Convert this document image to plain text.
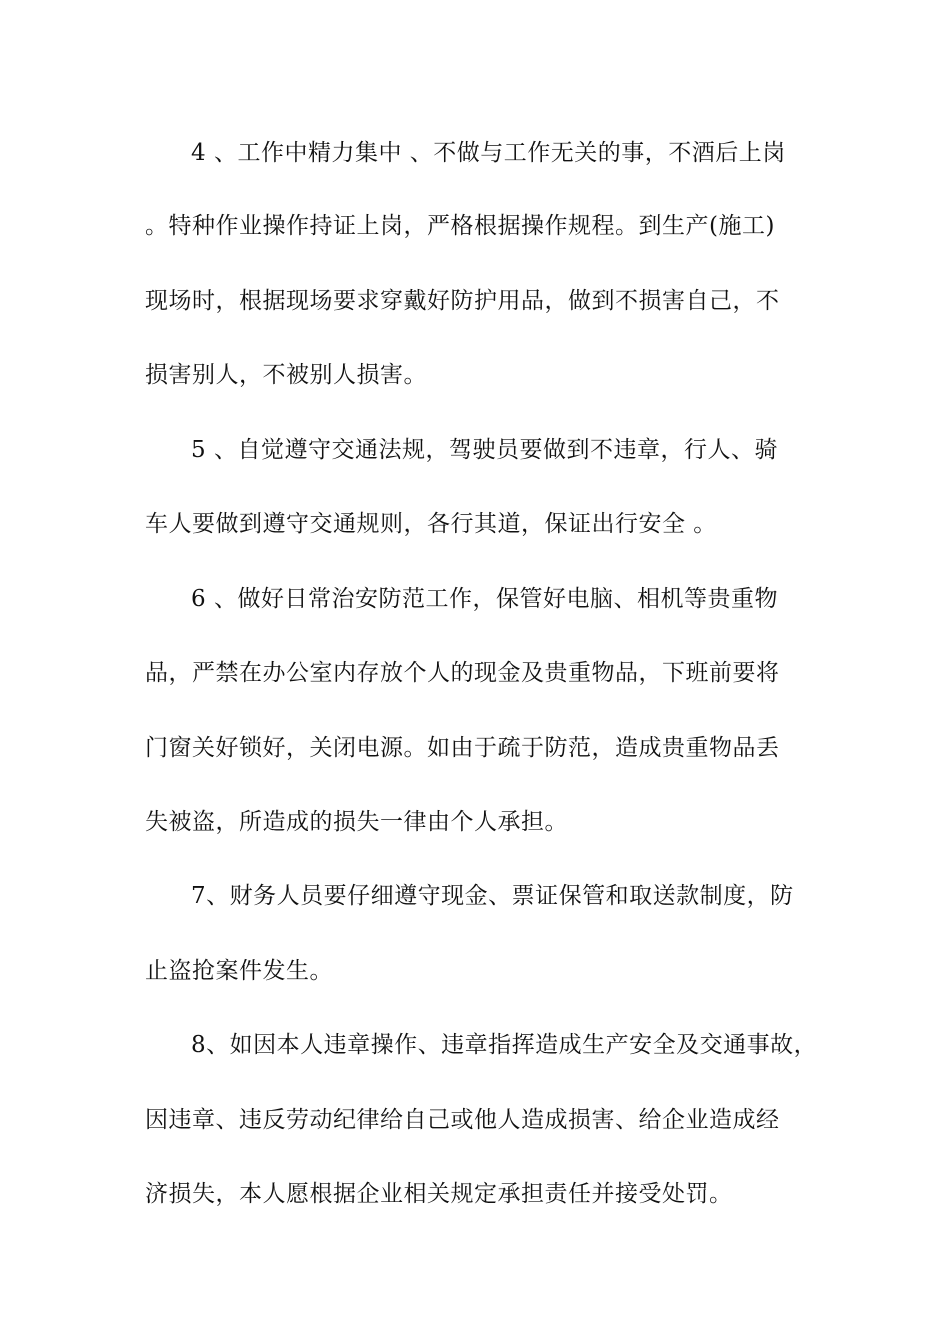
4 、工作中精力集中 、不做与工作无关的事，不酒后上岗
。特种作业操作持证上岗，严格根据操作规程。到生产(施工)
现场时，根据现场要求穿戴好防护用品，做到不损害自己，不
损害别人，不被别人损害。
5 、自觉遵守交通法规，驾驶员要做到不违章，行人、骑
车人要做到遵守交通规则，各行其道，保证出行安全 。
6 、做好日常治安防范工作，保管好电脑、相机等贵重物
品，严禁在办公室内存放个人的现金及贵重物品，下班前要将
门窗关好锁好，关闭电源。如由于疏于防范，造成贵重物品丢
失被盗，所造成的损失一律由个人承担。
7、财务人员要仔细遵守现金、票证保管和取送款制度，防
止盗抢案件发生。
8、如因本人违章操作、违章指挥造成生产安全及交通事故，
因违章、违反劳动纪律给自己或他人造成损害、给企业造成经
济损失，本人愿根据企业相关规定承担责任并接受处罚。
